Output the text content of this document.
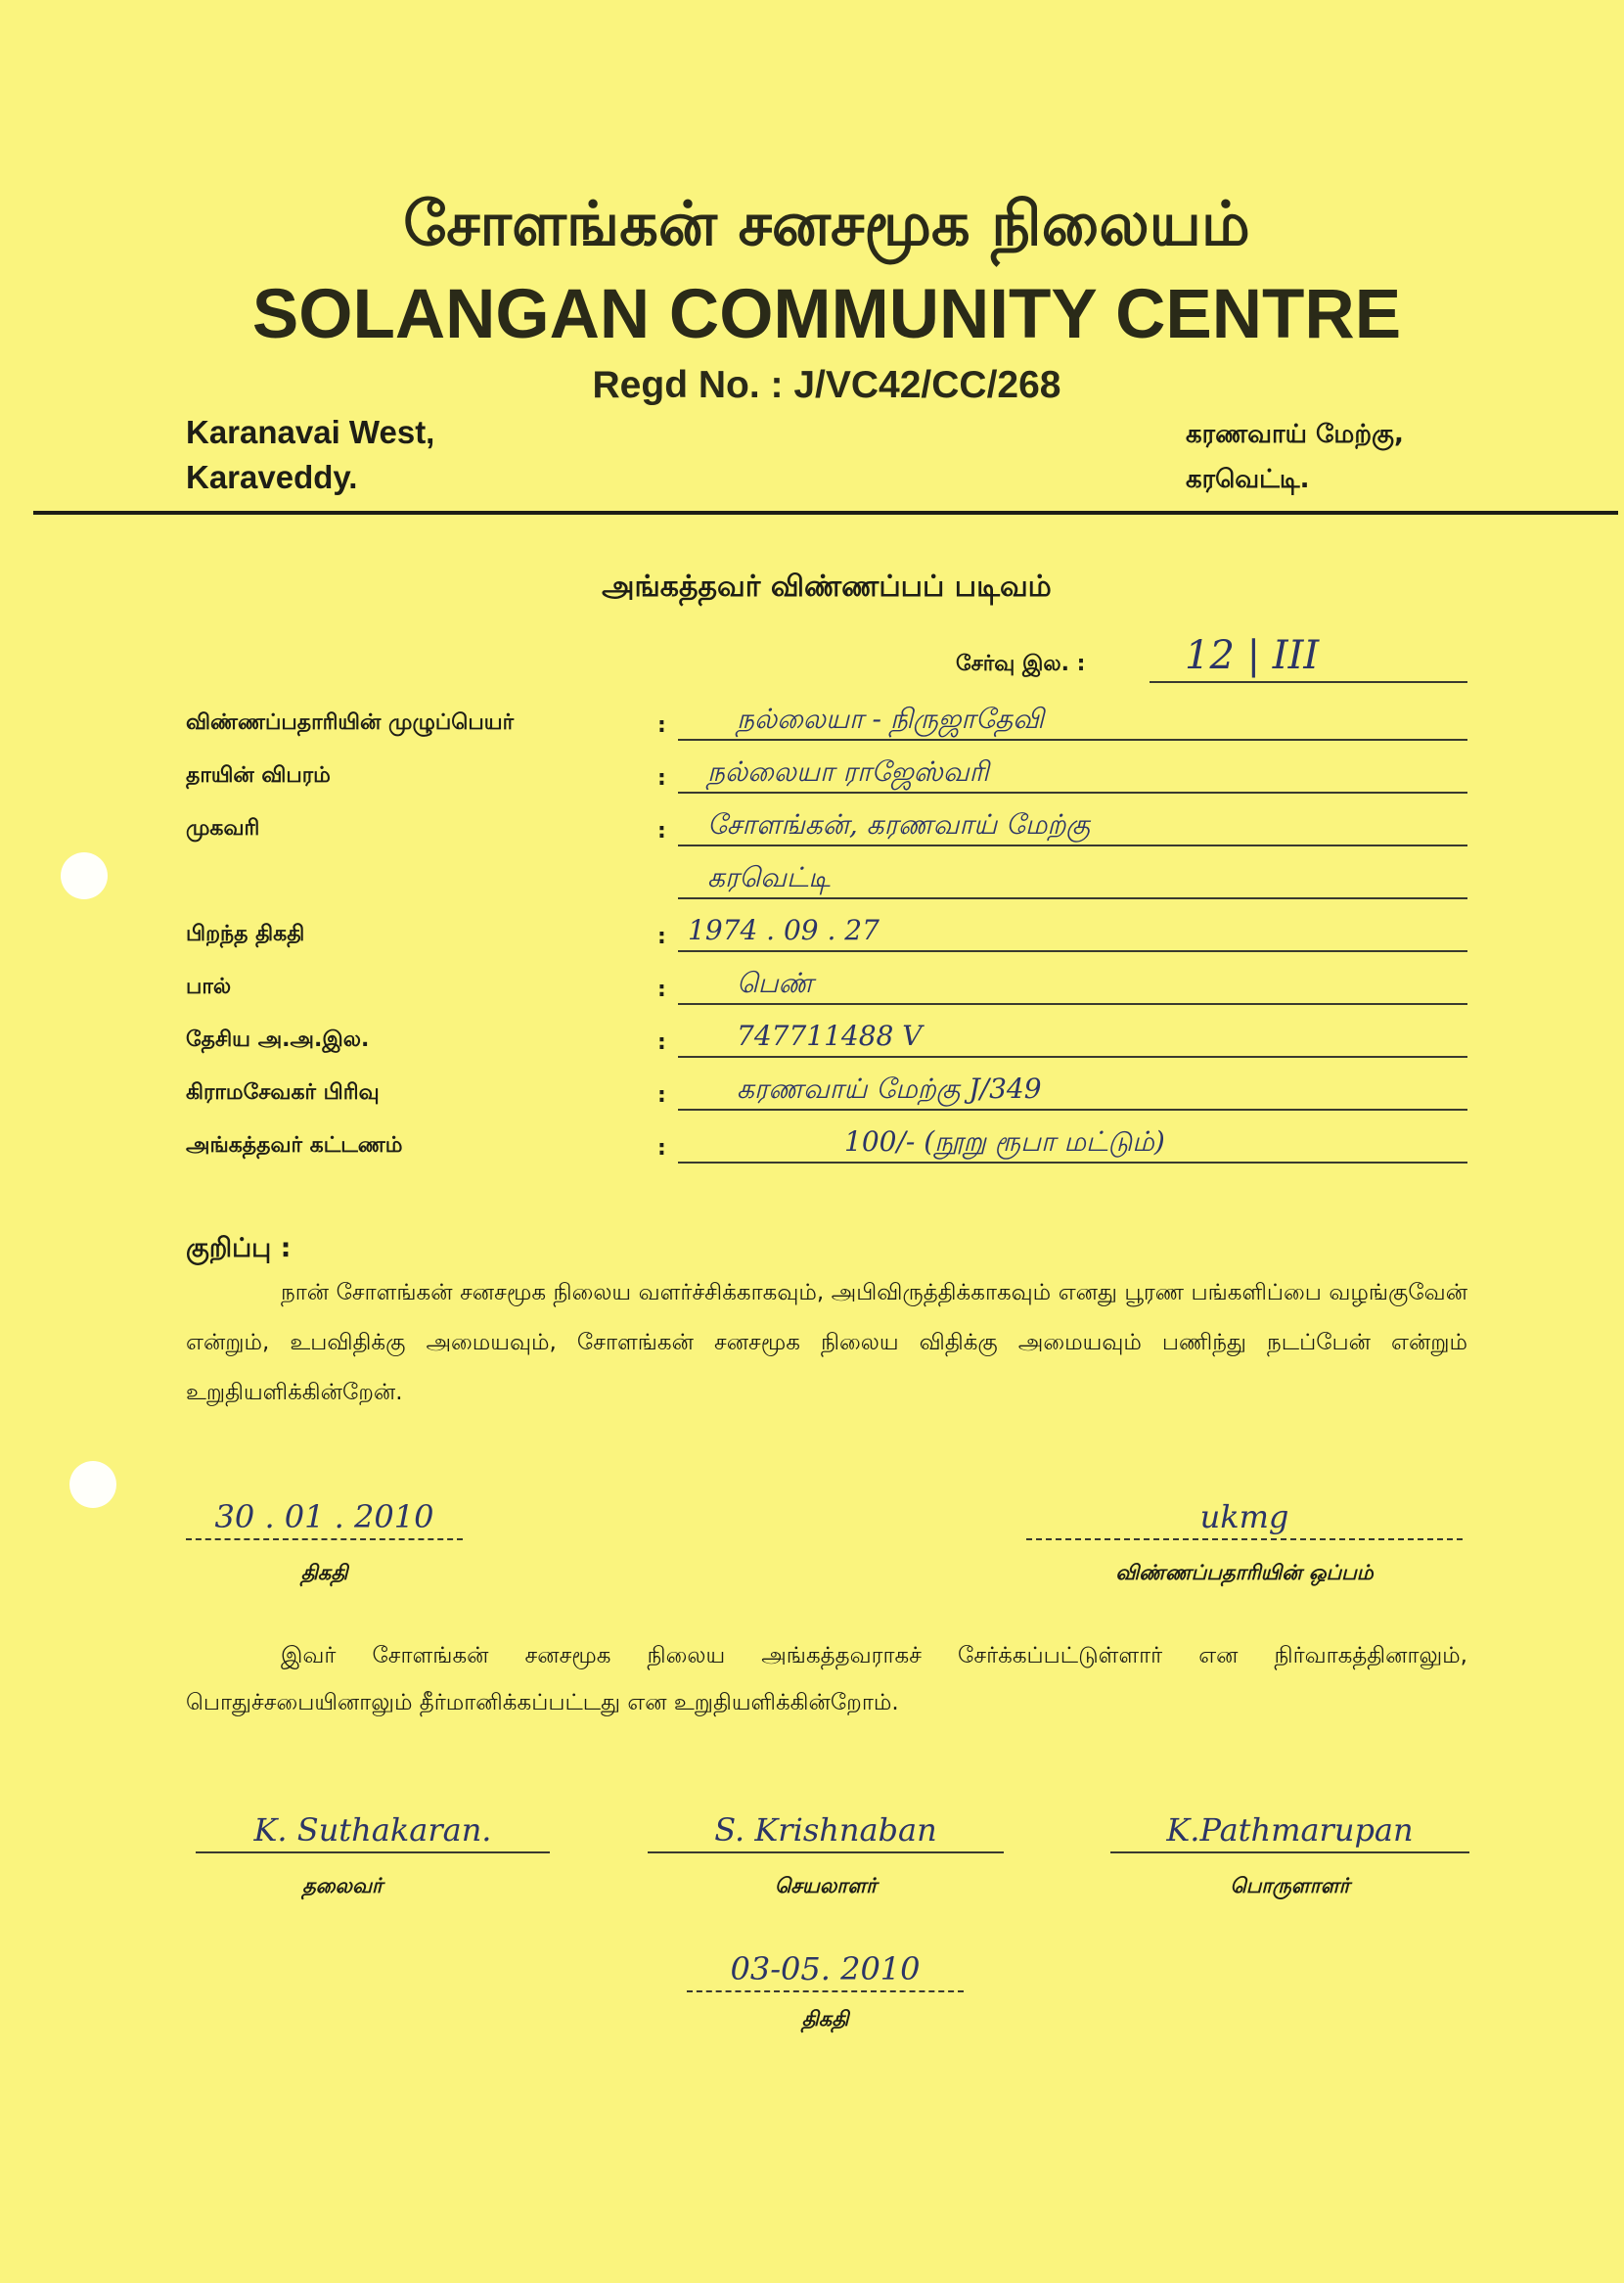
சோளங்கன் சனசமூக நிலையம்
SOLANGAN COMMUNITY CENTRE
Regd No. : J/VC42/CC/268
Karanavai West,
Karaveddy.
கரணவாய் மேற்கு,
கரவெட்டி.
அங்கத்தவர் விண்ணப்பப் படிவம்
சேர்வு இல. :	12 | III
விண்ணப்பதாரியின் முழுப்பெயர்	:	நல்லையா - நிருஜாதேவி
தாயின் விபரம்	:	நல்லையா ராஜேஸ்வரி
முகவரி	:	சோளங்கன், கரணவாய் மேற்கு
கரவெட்டி
பிறந்த திகதி	: 1974 . 09 . 27
பால்	:	பெண்
தேசிய அ.அ.இல.	:	747711488 V
கிராமசேவகர் பிரிவு	:	கரணவாய் மேற்கு J/349
அங்கத்தவர் கட்டணம்	:	100/- (நூறு ரூபா மட்டும்)
குறிப்பு :

நான் சோளங்கன் சனசமூக நிலைய வளர்ச்சிக்காகவும், அபிவிருத்திக்காகவும் எனது பூரண பங்களிப்பை வழங்குவேன் என்றும், உபவிதிக்கு அமையவும், சோளங்கன் சனசமூக நிலைய விதிக்கு அமையவும் பணிந்து நடப்பேன் என்றும் உறுதியளிக்கின்றேன்.

30 . 01 . 2010
திகதி
ukmg
விண்ணப்பதாரியின் ஒப்பம்

இவர் சோளங்கன் சனசமூக நிலைய அங்கத்தவராகச் சேர்க்கப்பட்டுள்ளார் என நிர்வாகத்தினாலும், பொதுச்சபையினாலும் தீர்மானிக்கப்பட்டது என உறுதியளிக்கின்றோம்.

K. Suthakaran.
தலைவர்
S. Krishnaban
செயலாளர்
K.Pathmarupan
பொருளாளர்
03-05. 2010
திகதி
